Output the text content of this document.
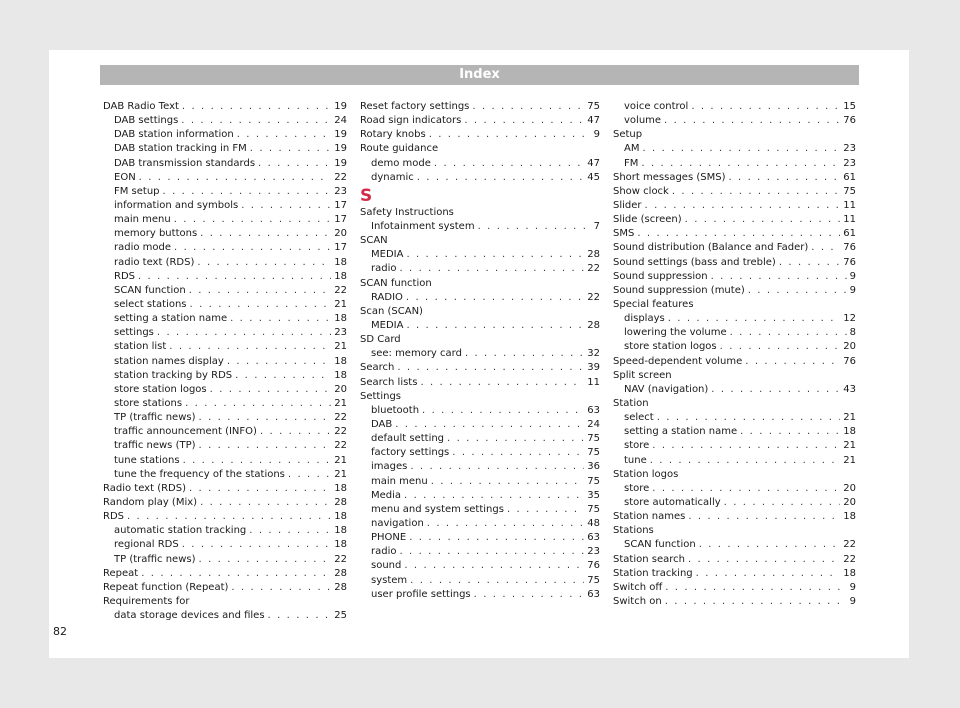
Index
DAB Radio Text . . .	19
DAB settings . . .	24
DAB station information . . .	19
DAB station tracking in FM . . .	19
DAB transmission standards . . .	19
EON . . .	22
FM setup . . .	23
information and symbols . . .	17
main menu . . .	17
memory buttons . . .	20
radio mode . . .	17
radio text (RDS) . . .	18
RDS . . .	18
SCAN function . . .	22
select stations . . .	21
setting a station name . . .	18
settings . . .	23
station list . . .	21
station names display . . .	18
station tracking by RDS . . .	18
store station logos . . .	20
store stations . . .	21
TP (traffic news) . . .	22
traffic announcement (INFO) . . .	22
traffic news (TP) . . .	22
tune stations . . .	21
tune the frequency of the stations . . .	21
Radio text (RDS) . . .	18
Random play (Mix) . . .	28
RDS . . .	18
automatic station tracking . . .	18
regional RDS . . .	18
TP (traffic news) . . .	22
Repeat . . .	28
Repeat function (Repeat) . . .	28
Requirements for
data storage devices and files . . .	25
Reset factory settings . . .	75
Road sign indicators . . .	47
Rotary knobs . . .	9
Route guidance
demo mode . . .	47
dynamic . . .	45
S
Safety Instructions
Infotainment system . . .	7
SCAN
MEDIA . . .	28
radio . . .	22
SCAN function
RADIO . . .	22
Scan (SCAN)
MEDIA . . .	28
SD Card
see: memory card . . .	32
Search . . .	39
Search lists . . .	11
Settings
bluetooth . . .	63
DAB . . .	24
default setting . . .	75
factory settings . . .	75
images . . .	36
main menu . . .	75
Media . . .	35
menu and system settings . . .	75
navigation . . .	48
PHONE . . .	63
radio . . .	23
sound . . .	76
system . . .	75
user profile settings . . .	63
voice control . . .	15
volume . . .	76
Setup
AM . . .	23
FM . . .	23
Short messages (SMS) . . .	61
Show clock . . .	75
Slider . . .	11
Slide (screen) . . .	11
SMS . . .	61
Sound distribution (Balance and Fader) . . .	76
Sound settings (bass and treble) . . .	76
Sound suppression . . .	9
Sound suppression (mute) . . .	9
Special features
displays . . .	12
lowering the volume . . .	8
store station logos . . .	20
Speed-dependent volume . . .	76
Split screen
NAV (navigation) . . .	43
Station
select . . .	21
setting a station name . . .	18
store . . .	21
tune . . .	21
Station logos
store . . .	20
store automatically . . .	20
Station names . . .	18
Stations
SCAN function . . .	22
Station search . . .	22
Station tracking . . .	18
Switch off . . .	9
Switch on . . .	9
82
